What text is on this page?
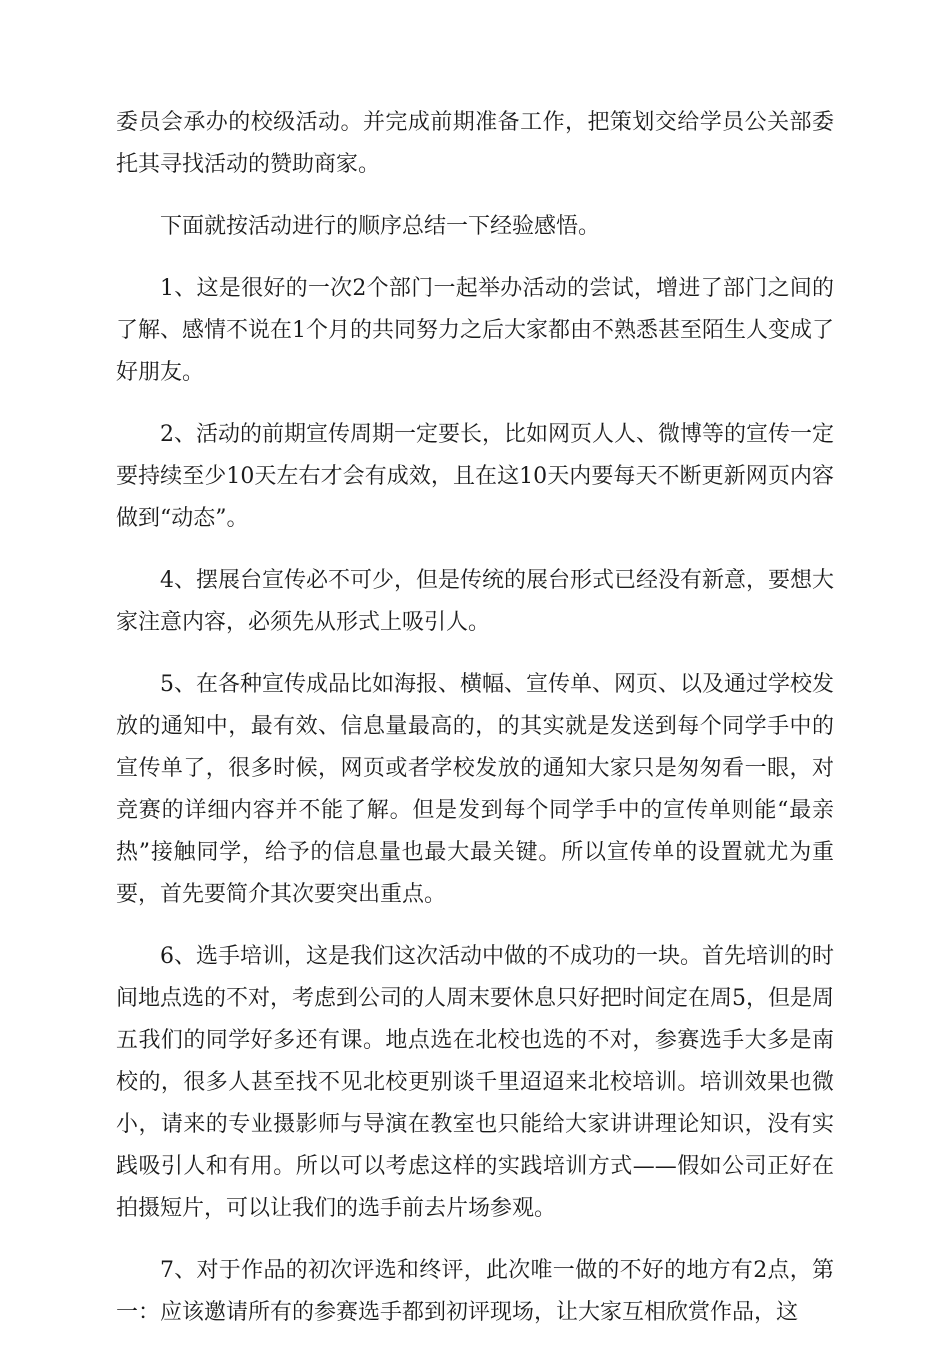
委员会承办的校级活动。并完成前期准备工作，把策划交给学员公关部委托其寻找活动的赞助商家。

下面就按活动进行的顺序总结一下经验感悟。

1、这是很好的一次2个部门一起举办活动的尝试，增进了部门之间的了解、感情不说在1个月的共同努力之后大家都由不熟悉甚至陌生人变成了好朋友。

2、活动的前期宣传周期一定要长，比如网页人人、微博等的宣传一定要持续至少10天左右才会有成效，且在这10天内要每天不断更新网页内容做到“动态”。

4、摆展台宣传必不可少，但是传统的展台形式已经没有新意，要想大家注意内容，必须先从形式上吸引人。

5、在各种宣传成品比如海报、横幅、宣传单、网页、以及通过学校发放的通知中，最有效、信息量最高的，的其实就是发送到每个同学手中的宣传单了，很多时候，网页或者学校发放的通知大家只是匆匆看一眼，对竞赛的详细内容并不能了解。但是发到每个同学手中的宣传单则能“最亲热”接触同学，给予的信息量也最大最关键。所以宣传单的设置就尤为重要，首先要简介其次要突出重点。

6、选手培训，这是我们这次活动中做的不成功的一块。首先培训的时间地点选的不对，考虑到公司的人周末要休息只好把时间定在周5，但是周五我们的同学好多还有课。地点选在北校也选的不对，参赛选手大多是南校的，很多人甚至找不见北校更别谈千里迢迢来北校培训。培训效果也微小，请来的专业摄影师与导演在教室也只能给大家讲讲理论知识，没有实践吸引人和有用。所以可以考虑这样的实践培训方式——假如公司正好在拍摄短片，可以让我们的选手前去片场参观。

7、对于作品的初次评选和终评，此次唯一做的不好的地方有2点，第一：应该邀请所有的参赛选手都到初评现场，让大家互相欣赏作品，这
